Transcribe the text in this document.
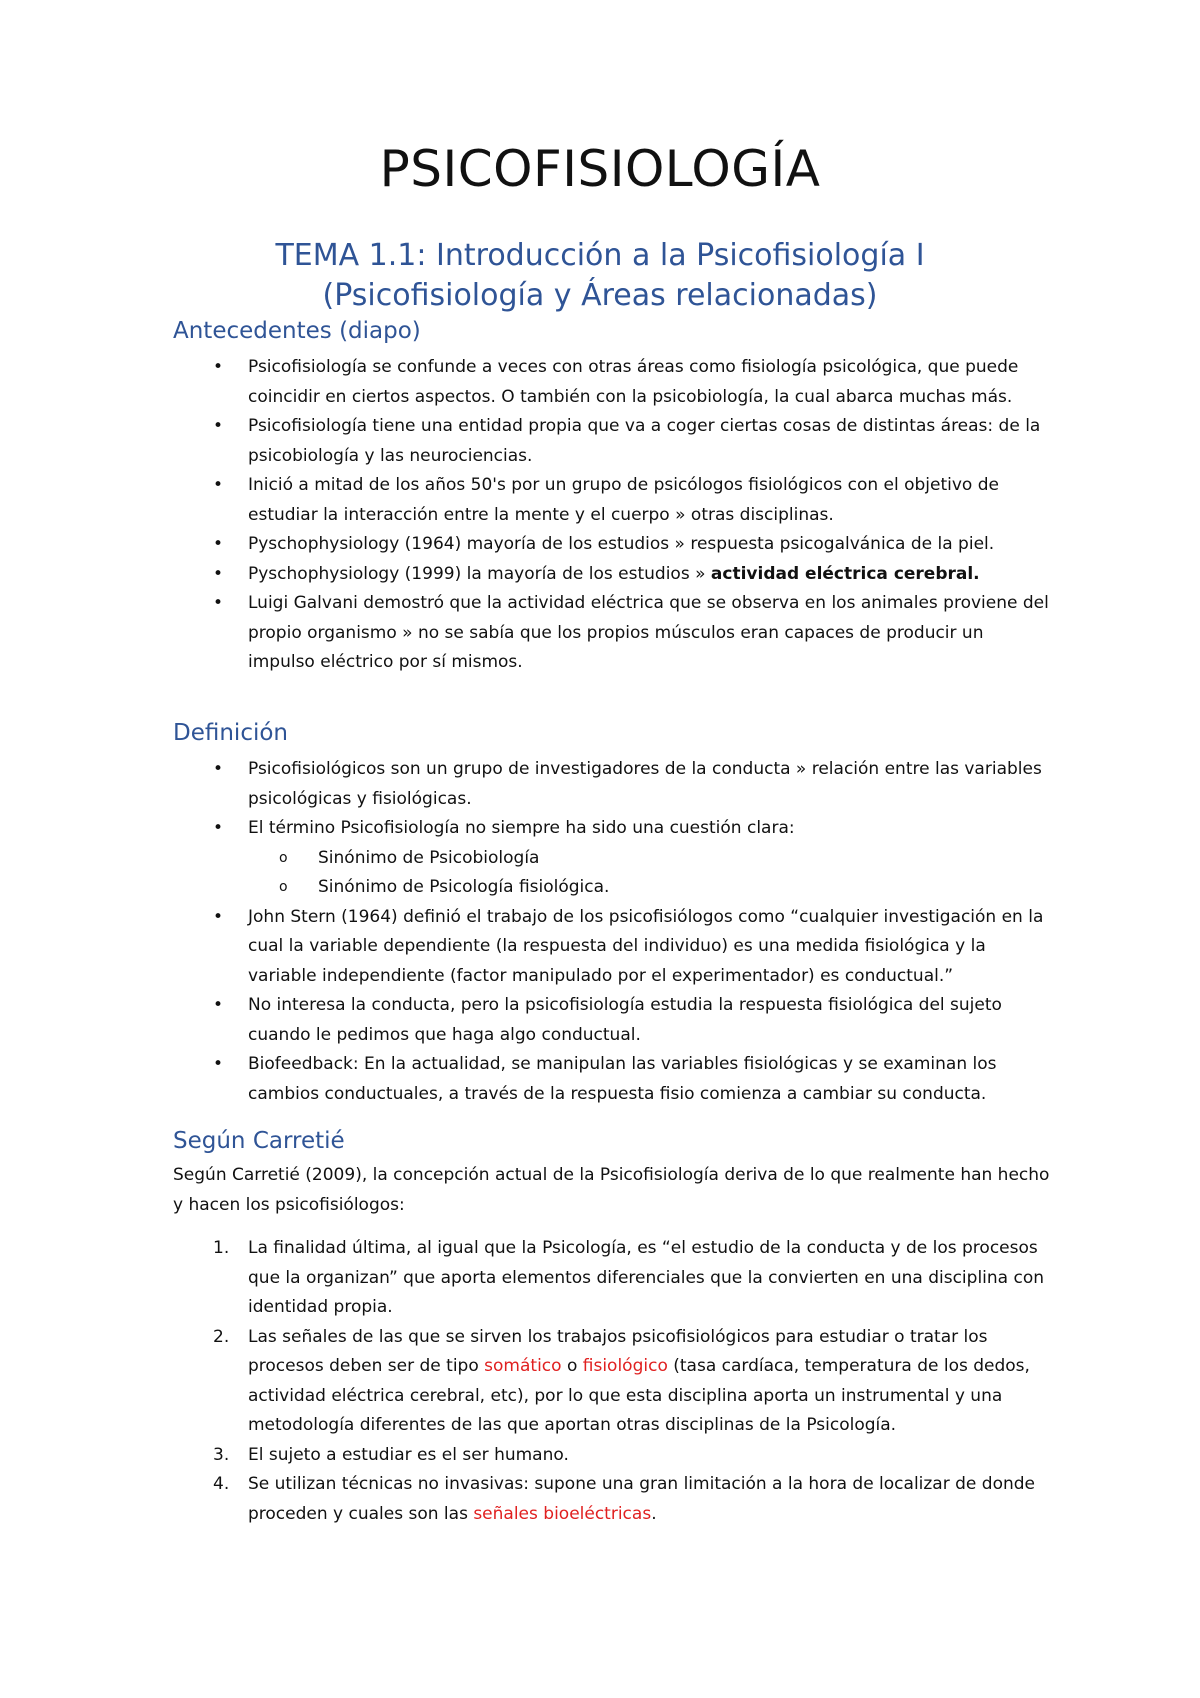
PSICOFISIOLOGÍA
TEMA 1.1: Introducción a la Psicofisiología I
(Psicofisiología y Áreas relacionadas)
Antecedentes (diapo)
• Psicofisiología se confunde a veces con otras áreas como fisiología psicológica, que puede coincidir en ciertos aspectos. O también con la psicobiología, la cual abarca muchas más.
• Psicofisiología tiene una entidad propia que va a coger ciertas cosas de distintas áreas: de la psicobiología y las neurociencias.
• Inició a mitad de los años 50's por un grupo de psicólogos fisiológicos con el objetivo de estudiar la interacción entre la mente y el cuerpo » otras disciplinas.
• Pyschophysiology (1964) mayoría de los estudios » respuesta psicogalvánica de la piel.
• Pyschophysiology (1999) la mayoría de los estudios » actividad eléctrica cerebral.
• Luigi Galvani demostró que la actividad eléctrica que se observa en los animales proviene del propio organismo » no se sabía que los propios músculos eran capaces de producir un impulso eléctrico por sí mismos.
Definición
• Psicofisiológicos son un grupo de investigadores de la conducta » relación entre las variables psicológicas y fisiológicas.
• El término Psicofisiología no siempre ha sido una cuestión clara:
o Sinónimo de Psicobiología
o Sinónimo de Psicología fisiológica.
• John Stern (1964) definió el trabajo de los psicofisiólogos como “cualquier investigación en la cual la variable dependiente (la respuesta del individuo) es una medida fisiológica y la variable independiente (factor manipulado por el experimentador) es conductual.”
• No interesa la conducta, pero la psicofisiología estudia la respuesta fisiológica del sujeto cuando le pedimos que haga algo conductual.
• Biofeedback: En la actualidad, se manipulan las variables fisiológicas y se examinan los cambios conductuales, a través de la respuesta fisio comienza a cambiar su conducta.
Según Carretié

Según Carretié (2009), la concepción actual de la Psicofisiología deriva de lo que realmente han hecho y hacen los psicofisiólogos:

1. La finalidad última, al igual que la Psicología, es “el estudio de la conducta y de los procesos que la organizan” que aporta elementos diferenciales que la convierten en una disciplina con identidad propia.
2. Las señales de las que se sirven los trabajos psicofisiológicos para estudiar o tratar los procesos deben ser de tipo somático o fisiológico (tasa cardíaca, temperatura de los dedos, actividad eléctrica cerebral, etc), por lo que esta disciplina aporta un instrumental y una metodología diferentes de las que aportan otras disciplinas de la Psicología.
3. El sujeto a estudiar es el ser humano.
4. Se utilizan técnicas no invasivas: supone una gran limitación a la hora de localizar de donde proceden y cuales son las señales bioeléctricas.
